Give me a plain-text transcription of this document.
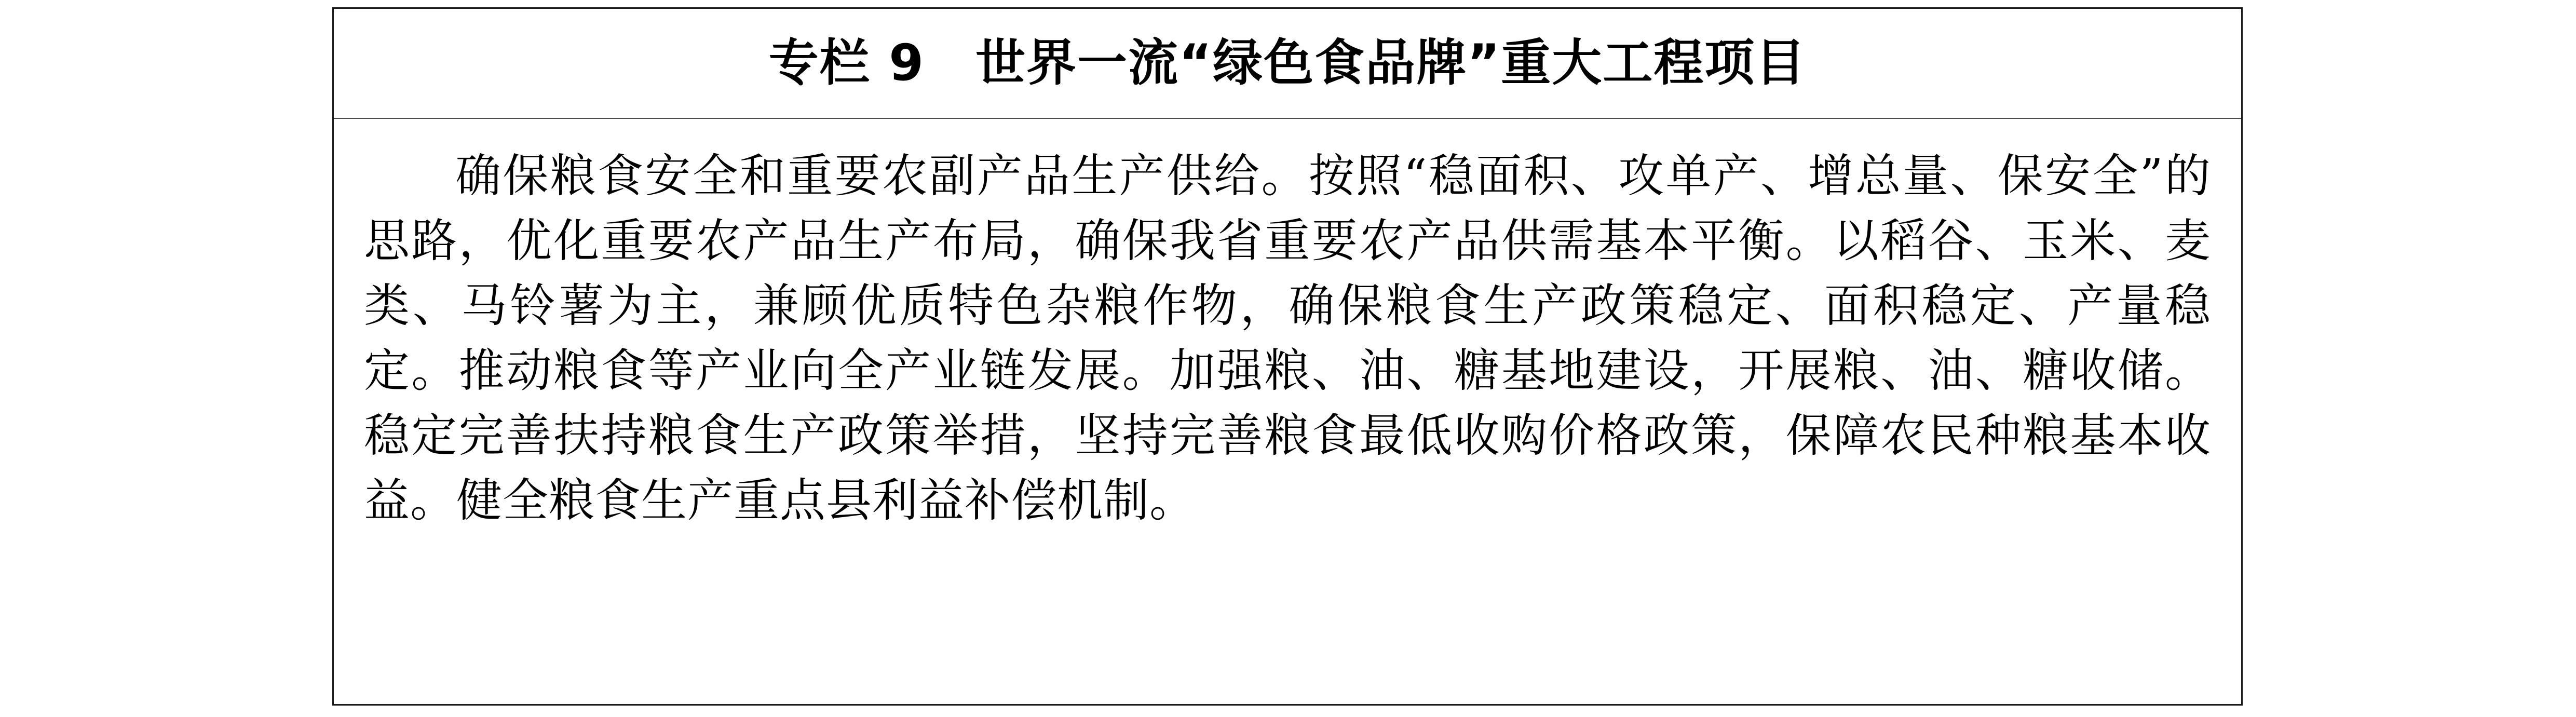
专栏 9　世界一流“绿色食品牌”重大工程项目

确保粮食安全和重要农副产品生产供给。按照“稳面积、攻单产、增总量、保安全”的思路，优化重要农产品生产布局，确保我省重要农产品供需基本平衡。以稻谷、玉米、麦类、马铃薯为主，兼顾优质特色杂粮作物，确保粮食生产政策稳定、面积稳定、产量稳定。推动粮食等产业向全产业链发展。加强粮、油、糖基地建设，开展粮、油、糖收储。稳定完善扶持粮食生产政策举措，坚持完善粮食最低收购价格政策，保障农民种粮基本收益。健全粮食生产重点县利益补偿机制。
